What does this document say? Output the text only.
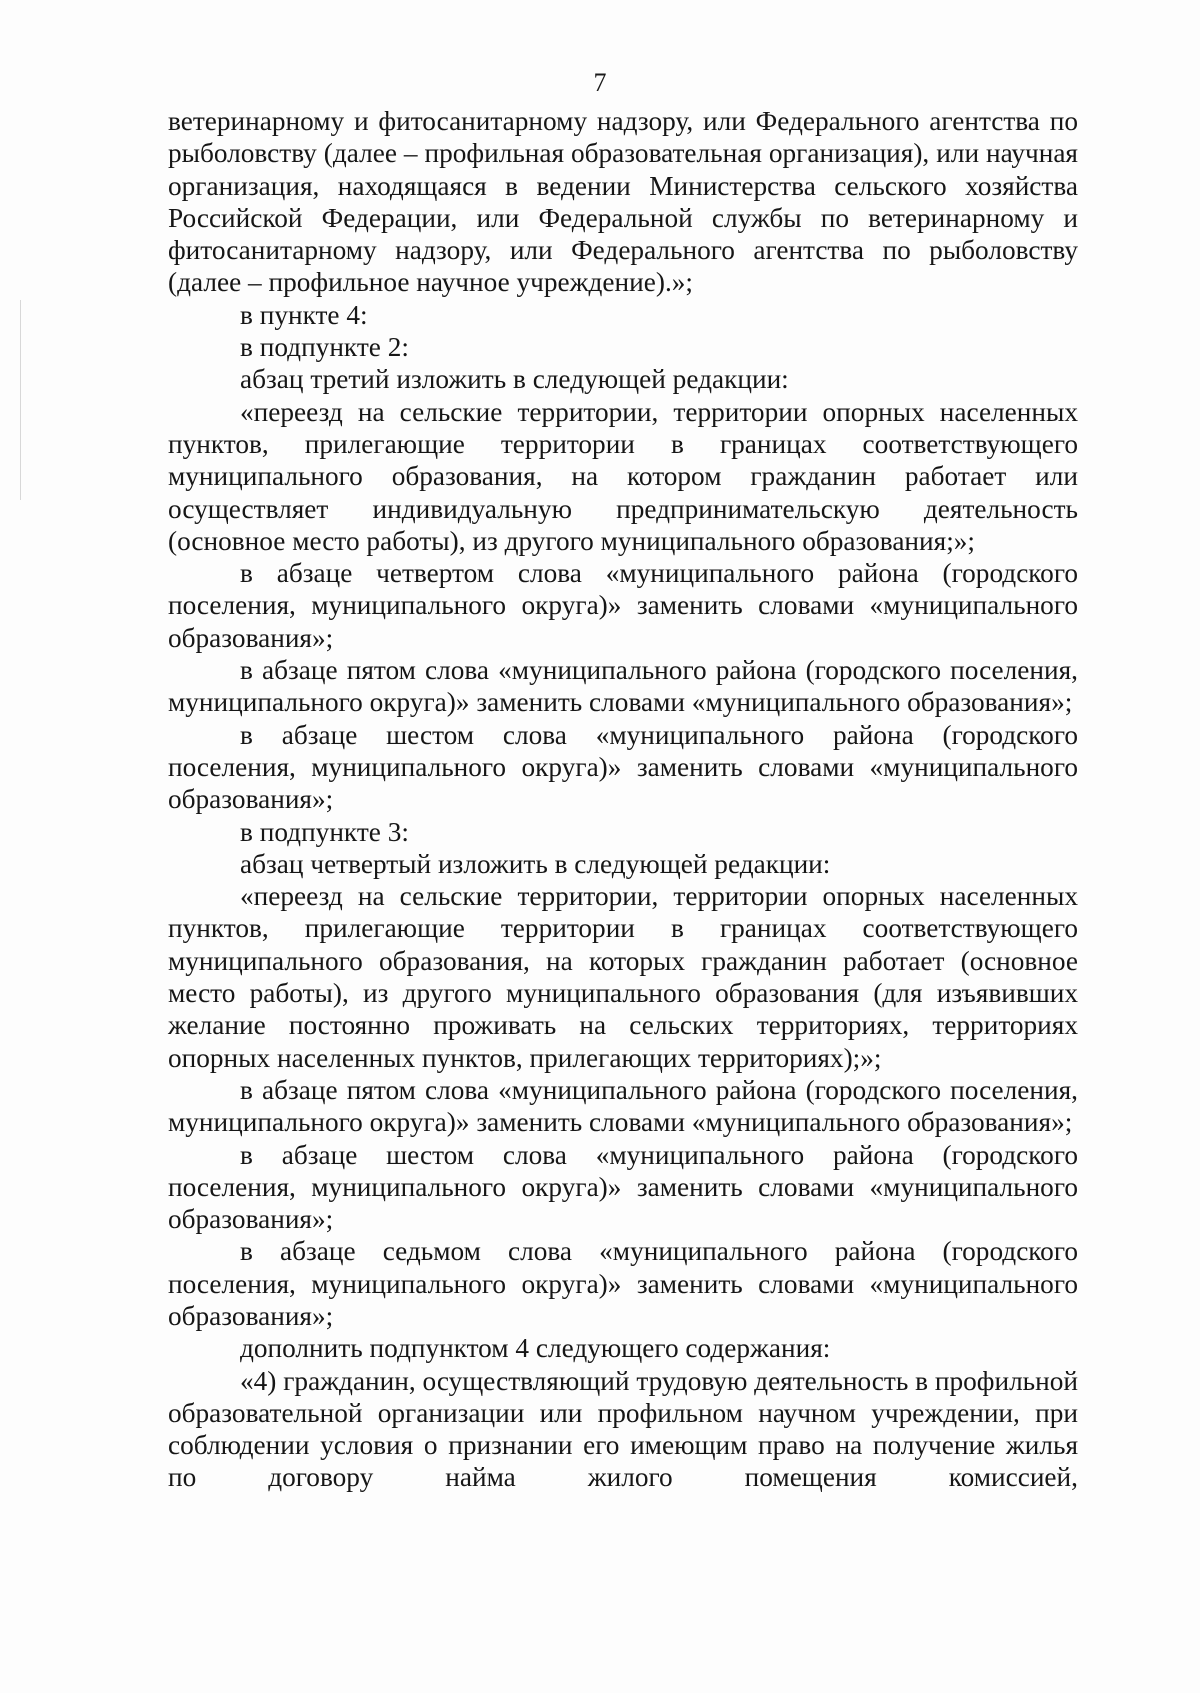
7

ветеринарному и фитосанитарному надзору, или Федерального агентства по рыболовству (далее – профильная образовательная организация), или научная организация, находящаяся в ведении Министерства сельского хозяйства Российской Федерации, или Федеральной службы по ветеринарному и фитосанитарному надзору, или Федерального агентства по рыболовству (далее – профильное научное учреждение).»;

в пункте 4:

в подпункте 2:

абзац третий изложить в следующей редакции:

«переезд на сельские территории, территории опорных населенных пунктов, прилегающие территории в границах соответствующего муниципального образования, на котором гражданин работает или осуществляет индивидуальную предпринимательскую деятельность (основное место работы), из другого муниципального образования;»;

в абзаце четвертом слова «муниципального района (городского поселения, муниципального округа)» заменить словами «муниципального образования»;

в абзаце пятом слова «муниципального района (городского поселения, муниципального округа)» заменить словами «муниципального образования»;

в абзаце шестом слова «муниципального района (городского поселения, муниципального округа)» заменить словами «муниципального образования»;

в подпункте 3:

абзац четвертый изложить в следующей редакции:

«переезд на сельские территории, территории опорных населенных пунктов, прилегающие территории в границах соответствующего муниципального образования, на которых гражданин работает (основное место работы), из другого муниципального образования (для изъявивших желание постоянно проживать на сельских территориях, территориях опорных населенных пунктов, прилегающих территориях);»;

в абзаце пятом слова «муниципального района (городского поселения, муниципального округа)» заменить словами «муниципального образования»;

в абзаце шестом слова «муниципального района (городского поселения, муниципального округа)» заменить словами «муниципального образования»;

в абзаце седьмом слова «муниципального района (городского поселения, муниципального округа)» заменить словами «муниципального образования»;

дополнить подпунктом 4 следующего содержания:

«4) гражданин, осуществляющий трудовую деятельность в профильной образовательной организации или профильном научном учреждении, при соблюдении условия о признании его имеющим право на получение жилья по договору найма жилого помещения комиссией,
